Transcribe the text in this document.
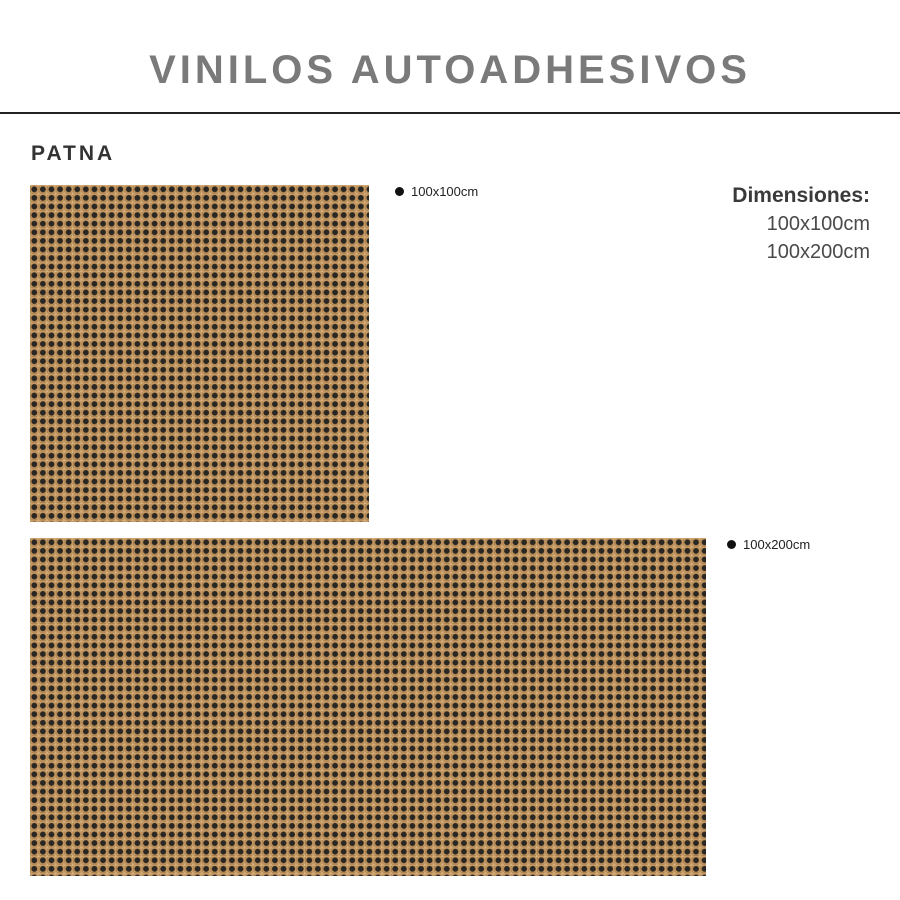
VINILOS AUTOADHESIVOS
PATNA
100x100cm	Dimensiones:
100x100cm
100x200cm
100x200cm
